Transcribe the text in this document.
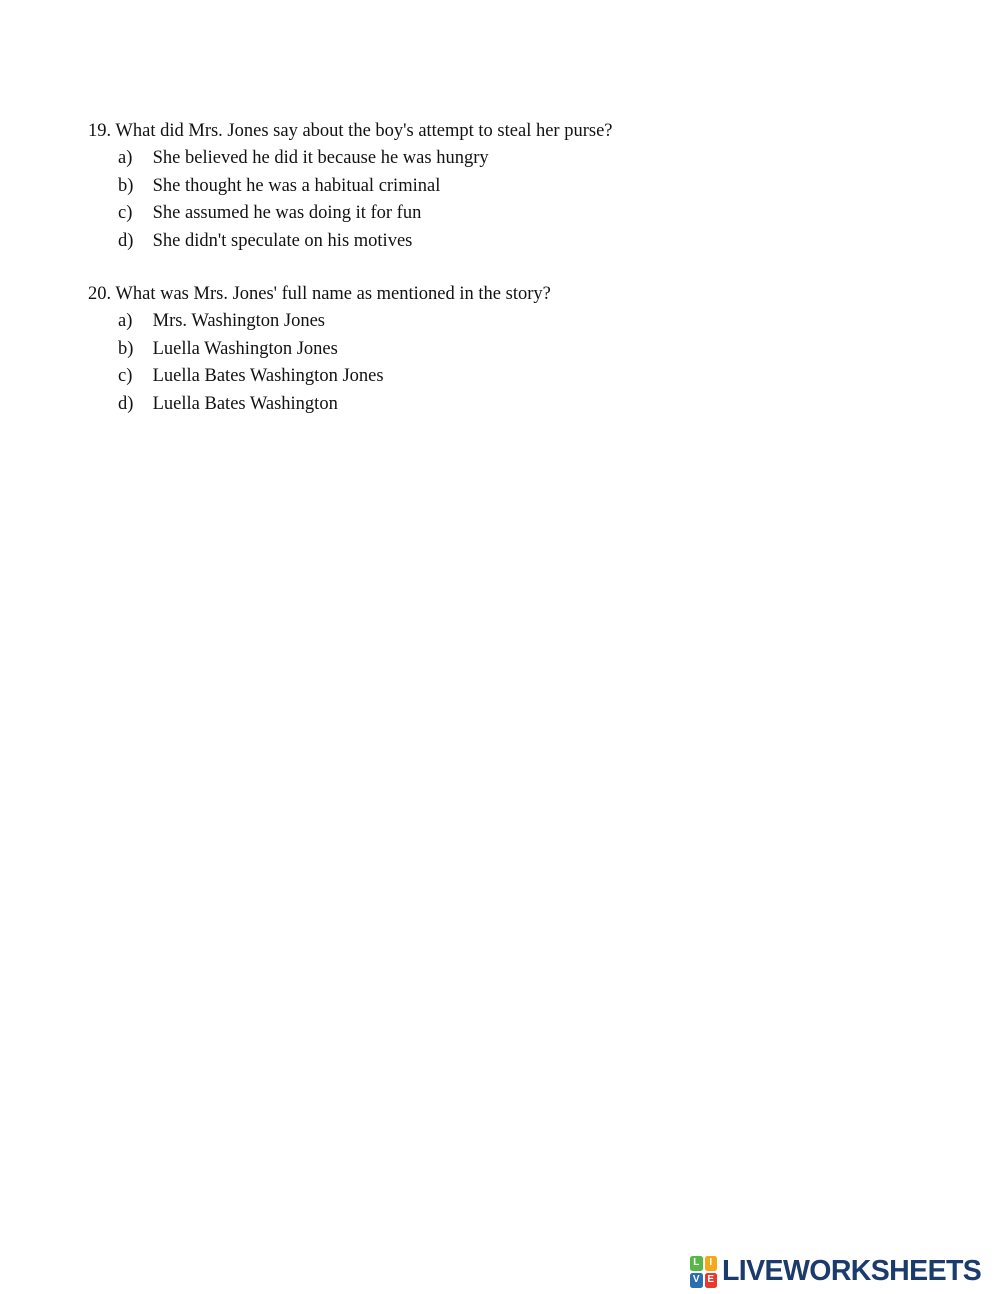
19. What did Mrs. Jones say about the boy's attempt to steal her purse?
a) She believed he did it because he was hungry
b) She thought he was a habitual criminal
c) She assumed he was doing it for fun
d) She didn't speculate on his motives
20. What was Mrs. Jones' full name as mentioned in the story?
a) Mrs. Washington Jones
b) Luella Washington Jones
c) Luella Bates Washington Jones
d) Luella Bates Washington
L	I
V E LIVEWORKSHEETS
